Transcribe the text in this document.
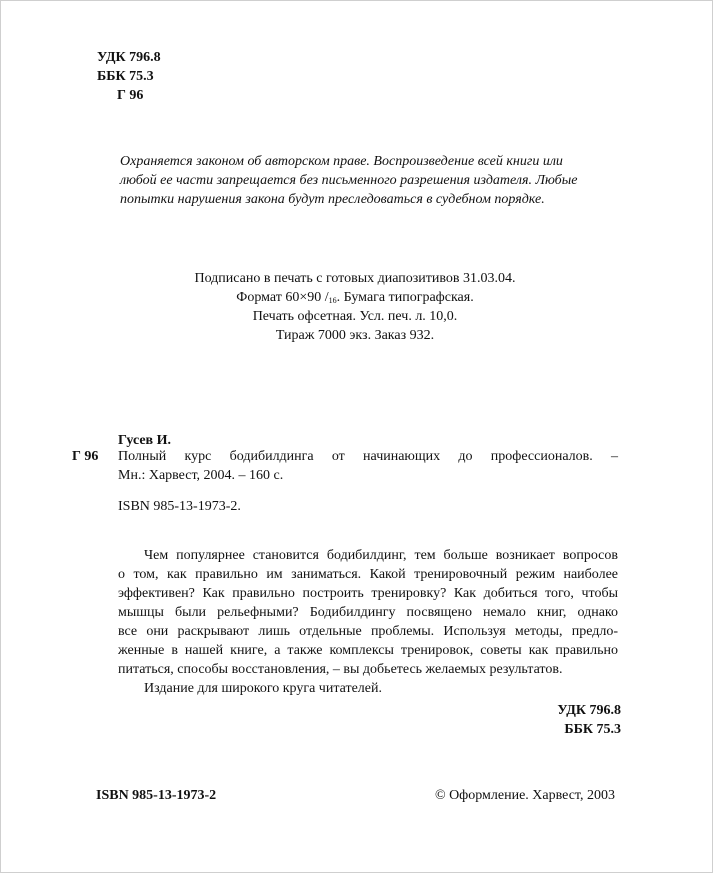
УДК 796.8
ББК 75.3
Г 96
Охраняется законом об авторском праве. Воспроизведение всей книги или
любой ее части запрещается без письменного разрешения издателя. Любые
попытки нарушения закона будут преследоваться в судебном порядке.
Подписано в печать с готовых диапозитивов 31.03.04.
Формат 60×90 $/_{16}$. Бумага типографская.
Печать офсетная. Усл. печ. л. 10,0.
Тираж 7000 экз. Заказ 932.
Гусев И.
Г 96 Полный курс бодибилдинга от начинающих до профессионалов. –
Мн.: Харвест, 2004. – 160 с.
ISBN 985-13-1973-2.
Чем популярнее становится бодибилдинг, тем больше возникает вопросов
о том, как правильно им заниматься. Какой тренировочный режим наиболее
эффективен? Как правильно построить тренировку? Как добиться того, чтобы
мышцы были рельефными? Бодибилдингу посвящено немало книг, однако
все они раскрывают лишь отдельные проблемы. Используя методы, предло-
женные в нашей книге, а также комплексы тренировок, советы как правильно
питаться, способы восстановления, – вы добьетесь желаемых результатов.
Издание для широкого круга читателей.
УДК 796.8
ББК 75.3
ISBN 985-13-1973-2	© Оформление. Харвест, 2003
